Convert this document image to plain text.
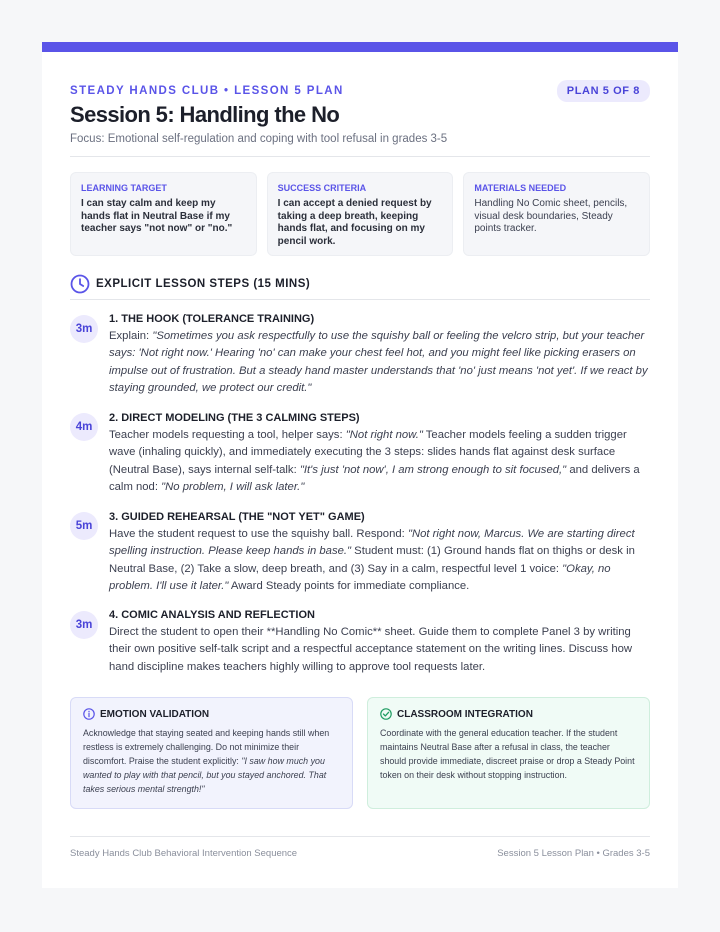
STEADY HANDS CLUB • LESSON 5 PLAN	PLAN 5 OF 8
Session 5: Handling the No
Focus: Emotional self-regulation and coping with tool refusal in grades 3-5
LEARNING TARGET
I can stay calm and keep my hands flat in Neutral Base if my teacher says "not now" or "no."
SUCCESS CRITERIA
I can accept a denied request by taking a deep breath, keeping hands flat, and focusing on my pencil work.
MATERIALS NEEDED
Handling No Comic sheet, pencils, visual desk boundaries, Steady points tracker.
EXPLICIT LESSON STEPS (15 MINS)
3m
1. THE HOOK (TOLERANCE TRAINING)
Explain: "Sometimes you ask respectfully to use the squishy ball or feeling the velcro strip, but your teacher says: 'Not right now.' Hearing 'no' can make your chest feel hot, and you might feel like picking erasers on impulse out of frustration. But a steady hand master understands that 'no' just means 'not yet'. If we react by staying grounded, we protect our credit."
4m
2. DIRECT MODELING (THE 3 CALMING STEPS)
Teacher models requesting a tool, helper says: "Not right now." Teacher models feeling a sudden trigger wave (inhaling quickly), and immediately executing the 3 steps: slides hands flat against desk surface (Neutral Base), says internal self-talk: "It's just 'not now', I am strong enough to sit focused," and delivers a calm nod: "No problem, I will ask later."
5m
3. GUIDED REHEARSAL (THE "NOT YET" GAME)
Have the student request to use the squishy ball. Respond: "Not right now, Marcus. We are starting direct spelling instruction. Please keep hands in base." Student must: (1) Ground hands flat on thighs or desk in Neutral Base, (2) Take a slow, deep breath, and (3) Say in a calm, respectful level 1 voice: "Okay, no problem. I'll use it later." Award Steady points for immediate compliance.
3m
4. COMIC ANALYSIS AND REFLECTION
Direct the student to open their **Handling No Comic** sheet. Guide them to complete Panel 3 by writing their own positive self-talk script and a respectful acceptance statement on the writing lines. Discuss how hand discipline makes teachers highly willing to approve tool requests later.
EMOTION VALIDATION
Acknowledge that staying seated and keeping hands still when restless is extremely challenging. Do not minimize their discomfort. Praise the student explicitly: "I saw how much you wanted to play with that pencil, but you stayed anchored. That takes serious mental strength!"
CLASSROOM INTEGRATION
Coordinate with the general education teacher. If the student maintains Neutral Base after a refusal in class, the teacher should provide immediate, discreet praise or drop a Steady Point token on their desk without stopping instruction.
Steady Hands Club Behavioral Intervention Sequence	Session 5 Lesson Plan • Grades 3-5
